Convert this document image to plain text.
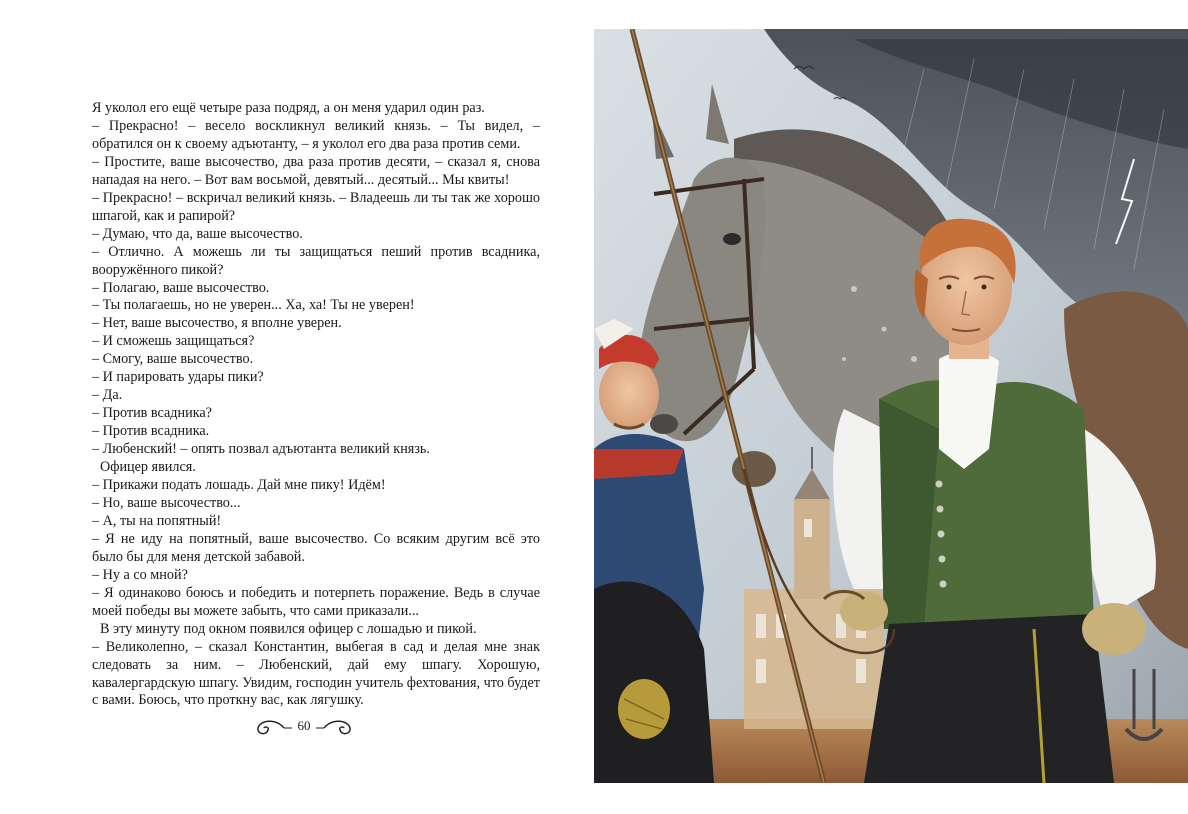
Я уколол его ещё четыре раза подряд, а он меня ударил один раз.

– Прекрасно! – весело воскликнул великий князь. – Ты видел, – обратился он к своему адъютанту, – я уколол его два раза против семи.

– Простите, ваше высочество, два раза против десяти, – сказал я, снова нападая на него. – Вот вам восьмой, девятый... десятый... Мы квиты!

– Прекрасно! – вскричал великий князь. – Владеешь ли ты так же хорошо шпагой, как и рапирой?

– Думаю, что да, ваше высочество.

– Отлично. А можешь ли ты защищаться пеший против всадника, вооружённого пикой?

– Полагаю, ваше высочество.

– Ты полагаешь, но не уверен... Ха, ха! Ты не уверен!

– Нет, ваше высочество, я вполне уверен.

– И сможешь защищаться?

– Смогу, ваше высочество.

– И парировать удары пики?

– Да.

– Против всадника?

– Против всадника.

– Любенский! – опять позвал адъютанта великий князь.

Офицер явился.

– Прикажи подать лошадь. Дай мне пику! Идём!

– Но, ваше высочество...

– А, ты на попятный!

– Я не иду на попятный, ваше высочество. Со всяким другим всё это было бы для меня детской забавой.

– Ну а со мной?

– Я одинаково боюсь и победить и потерпеть поражение. Ведь в случае моей победы вы можете забыть, что сами приказали...

В эту минуту под окном появился офицер с лошадью и пикой.

– Великолепно, – сказал Константин, выбегая в сад и делая мне знак следовать за ним. – Любенский, дай ему шпагу. Хорошую, кавалергардскую шпагу. Увидим, господин учитель фехтования, что будет с вами. Боюсь, что проткну вас, как лягушку.

60
